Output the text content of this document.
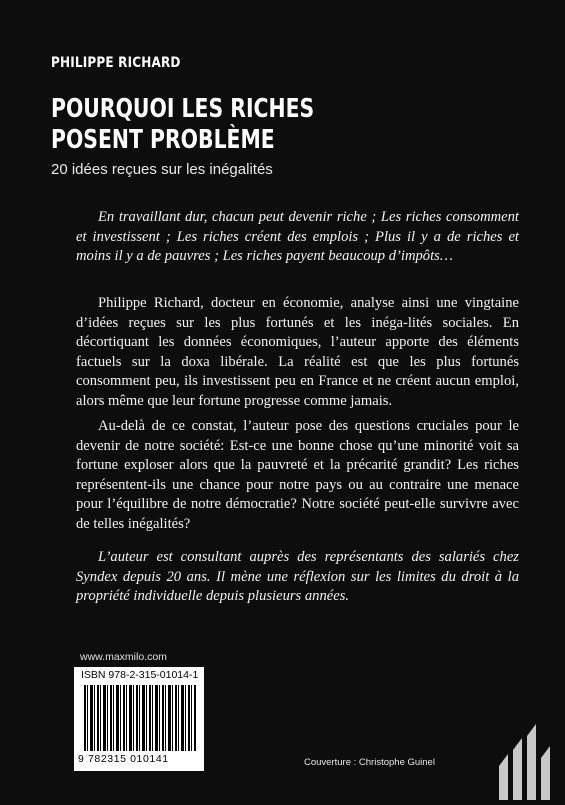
PHILIPPE RICHARD
POURQUOI LES RICHES
POSENT PROBLÈME
20 idées reçues sur les inégalités

En travaillant dur, chacun peut devenir riche ; Les riches consomment et investissent ; Les riches créent des emplois ; Plus il y a de riches et moins il y a de pauvres ; Les riches payent beaucoup d’impôts…

Philippe Richard, docteur en économie, analyse ainsi une vingtaine d’idées reçues sur les plus fortunés et les inéga-lités sociales. En décortiquant les données économiques, l’auteur apporte des éléments factuels sur la doxa libérale. La réalité est que les plus fortunés consomment peu, ils investissent peu en France et ne créent aucun emploi, alors même que leur fortune progresse comme jamais.

Au-delà de ce constat, l’auteur pose des questions cruciales pour le devenir de notre société: Est-ce une bonne chose qu’une minorité voit sa fortune exploser alors que la pauvreté et la précarité grandit? Les riches représentent-ils une chance pour notre pays ou au contraire une menace pour l’équilibre de notre démocratie? Notre société peut-elle survivre avec de telles inégalités?

L’auteur est consultant auprès des représentants des salariés chez Syndex depuis 20 ans. Il mène une réflexion sur les limites du droit à la propriété individuelle depuis plusieurs années.

www.maxmilo.com
ISBN 978-2-315-01014-1
9 782315 010141	Couverture : Christophe Guinel
